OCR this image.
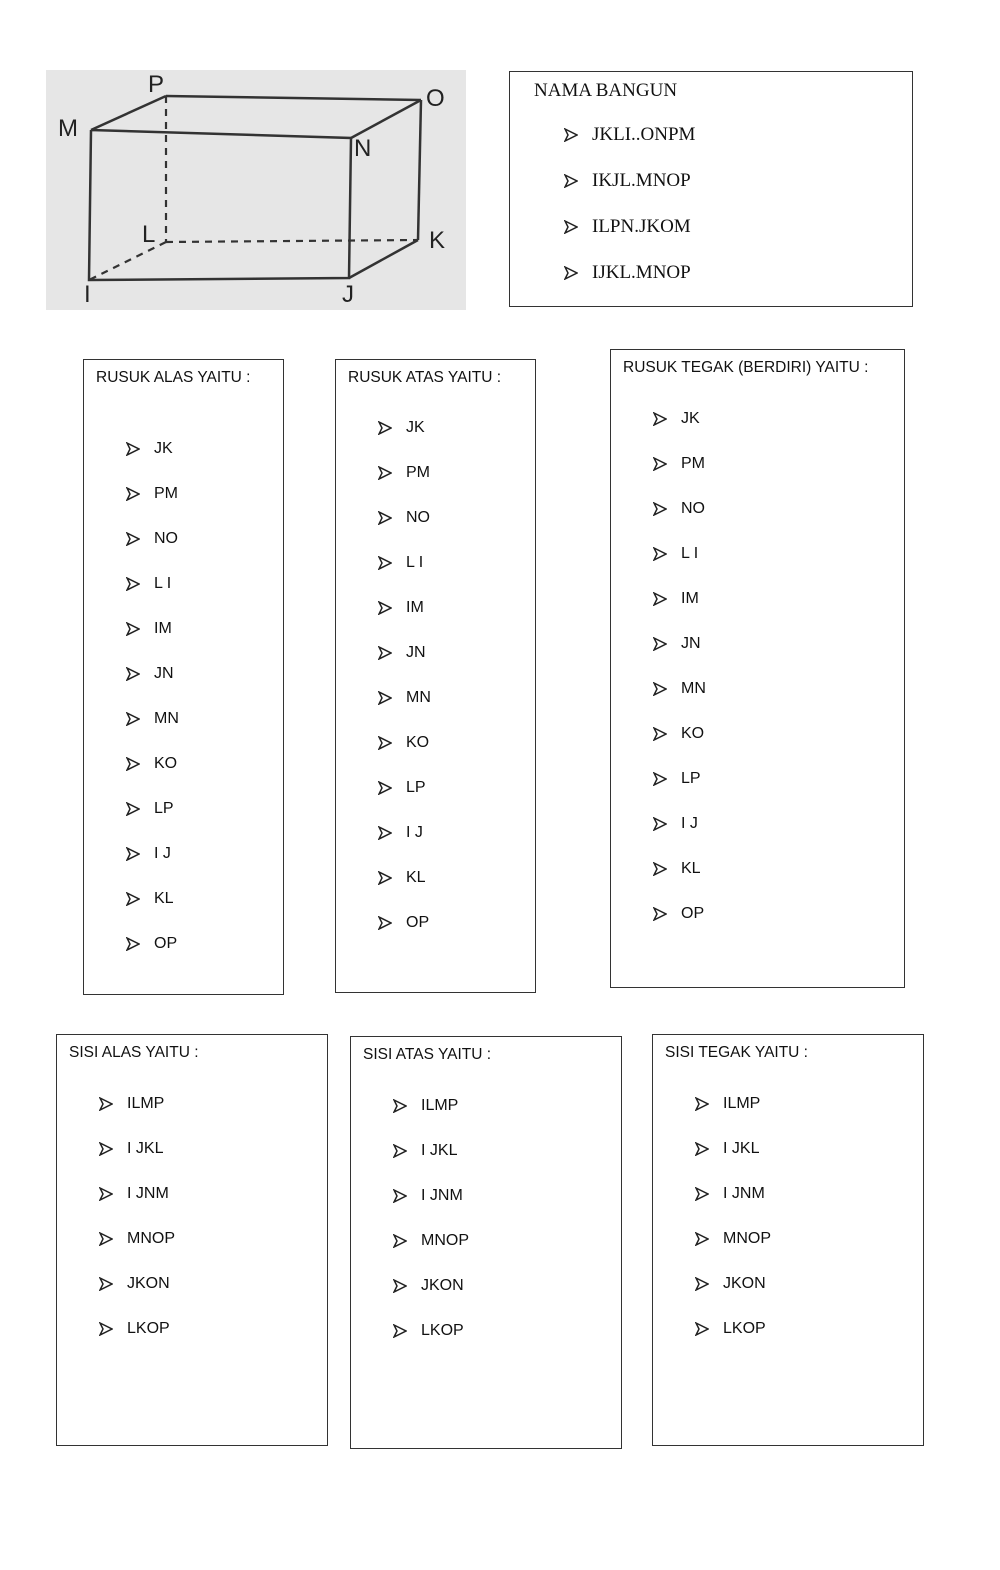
P
O
M
N
L	K
I	J
NAMA BANGUN
JKLI..ONPM
IKJL.MNOP
ILPN.JKOM
IJKL.MNOP
RUSUK ALAS YAITU :
JK
PM
NO
L I
IM
JN
MN
KO
LP
I J
KL
OP
RUSUK ATAS YAITU :
JK
PM
NO
L I
IM
JN
MN
KO
LP
I J
KL
OP
RUSUK TEGAK (BERDIRI) YAITU :
JK
PM
NO
L I
IM
JN
MN
KO
LP
I J
KL
OP
SISI ALAS YAITU :
ILMP
I JKL
I JNM
MNOP
JKON
LKOP
SISI ATAS YAITU :
ILMP
I JKL
I JNM
MNOP
JKON
LKOP
SISI TEGAK YAITU :
ILMP
I JKL
I JNM
MNOP
JKON
LKOP
